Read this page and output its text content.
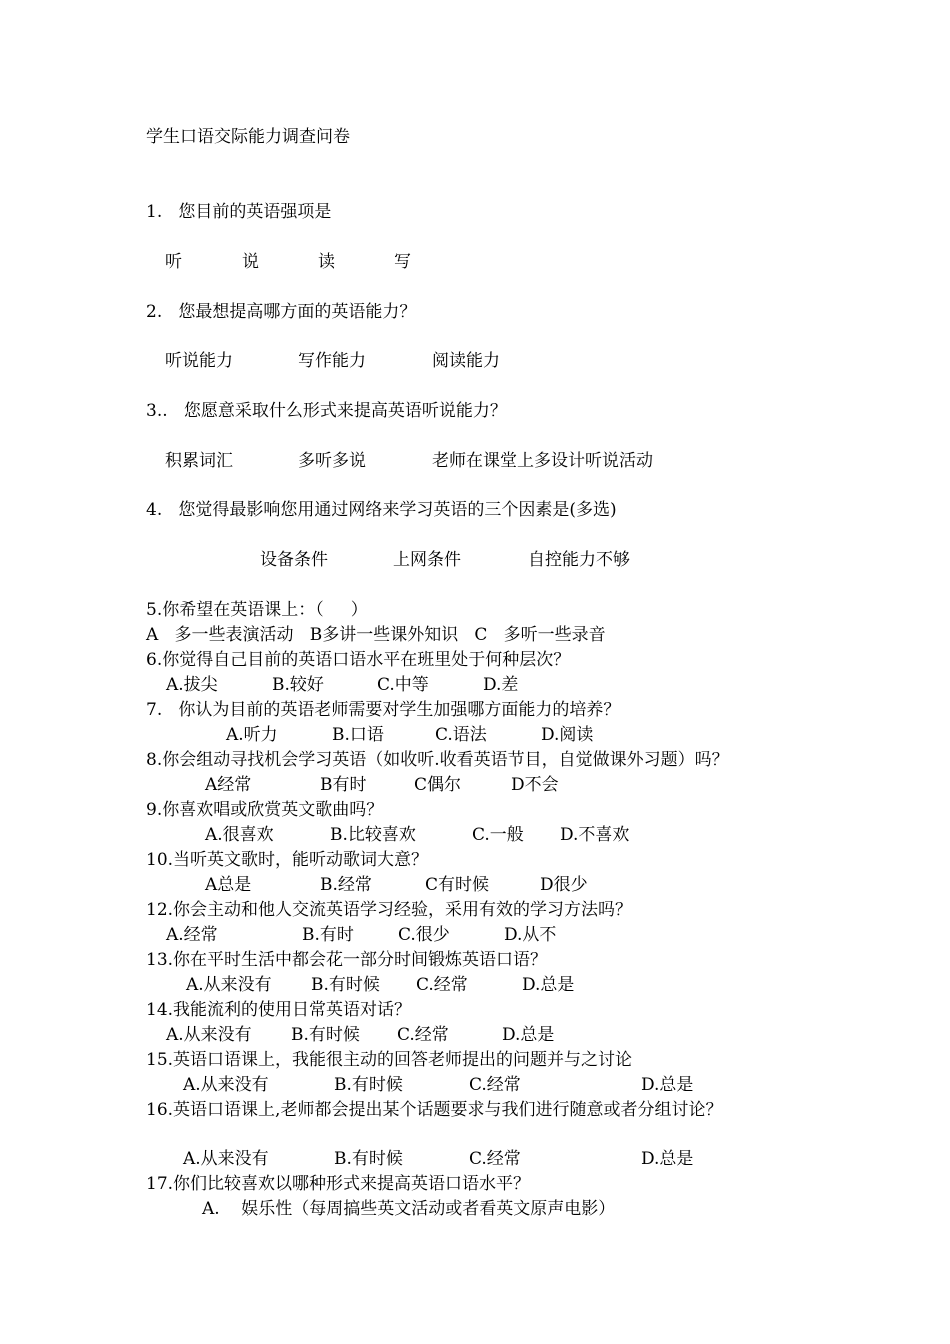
学生口语交际能力调查问卷
1.   您目前的英语强项是
听	说	读	写
2.   您最想提高哪方面的英语能力？
听说能力	写作能力	阅读能力
3..   您愿意采取什么形式来提高英语听说能力？
积累词汇	多听多说	老师在课堂上多设计听说活动
4.   您觉得最影响您用通过网络来学习英语的三个因素是(多选)
设备条件	上网条件	自控能力不够
5.你希望在英语课上：（     ）
A   多一些表演活动   B多讲一些课外知识   C   多听一些录音
6.你觉得自己目前的英语口语水平在班里处于何种层次？
A.拔尖	B.较好	C.中等	D.差
7.   你认为目前的英语老师需要对学生加强哪方面能力的培养？
A.听力	B.口语	C.语法	D.阅读
8.你会组动寻找机会学习英语（如收听.收看英语节目，自觉做课外习题）吗？
A经常	B有时	C偶尔	D不会
9.你喜欢唱或欣赏英文歌曲吗？
A.很喜欢	B.比较喜欢	C.一般 D.不喜欢
10.当听英文歌时，能听动歌词大意？
A总是	B.经常	C有时候	D很少
12.你会主动和他人交流英语学习经验，采用有效的学习方法吗？
A.经常	B.有时	C.很少	D.从不
13.你在平时生活中都会花一部分时间锻炼英语口语？
A.从来没有 B.有时候 C.经常	D.总是
14.我能流利的使用日常英语对话？
A.从来没有 B.有时候 C.经常	D.总是
15.英语口语课上，我能很主动的回答老师提出的问题并与之讨论
A.从来没有	B.有时候	C.经常	D.总是
16.英语口语课上,老师都会提出某个话题要求与我们进行随意或者分组讨论？
A.从来没有	B.有时候	C.经常	D.总是
17.你们比较喜欢以哪种形式来提高英语口语水平？
A.    娱乐性（每周搞些英文活动或者看英文原声电影）
